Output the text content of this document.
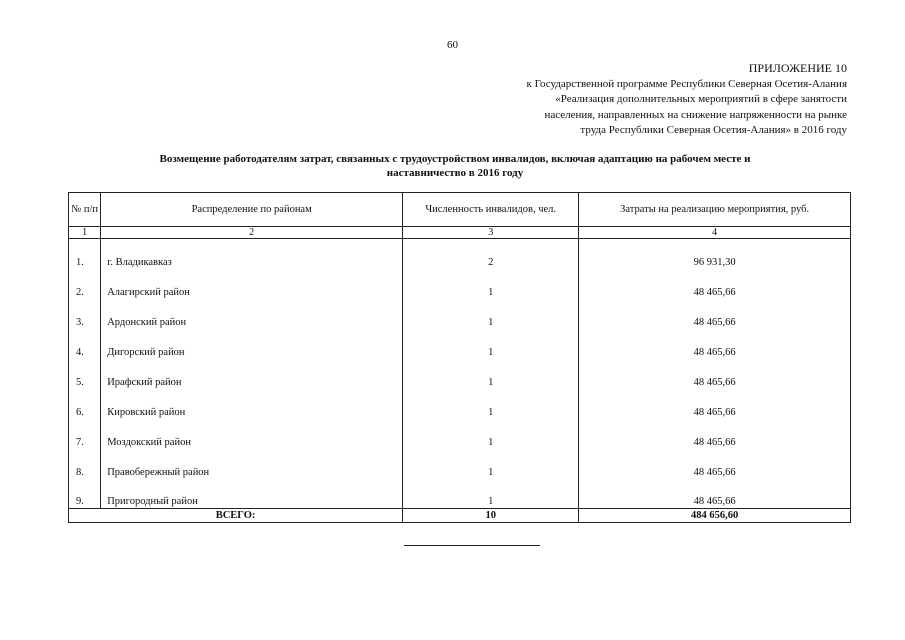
60
ПРИЛОЖЕНИЕ 10
к Государственной программе Республики Северная Осетия-Алания
«Реализация дополнительных мероприятий в сфере занятости
населения, направленных на снижение напряженности на рынке
труда Республики Северная Осетия-Алания» в 2016 году
Возмещение работодателям затрат, связанных с трудоустройством инвалидов, включая адаптацию на рабочем месте и
наставничество в 2016 году
№ п/п	Распределение по районам	Численность инвалидов, чел.	Затраты на реализацию мероприятия, руб.
1	2	3	4
1.	г. Владикавказ	2	96 931,30
2.	Алагирский район	1	48 465,66
3.	Ардонский район	1	48 465,66
4.	Дигорский район	1	48 465,66
5.	Ирафский район	1	48 465,66
6.	Кировский район	1	48 465,66
7.	Моздокский район	1	48 465,66
8.	Правобережный район	1	48 465,66
9.	Пригородный район	1	48 465,66
ВСЕГО:		10	484 656,60
